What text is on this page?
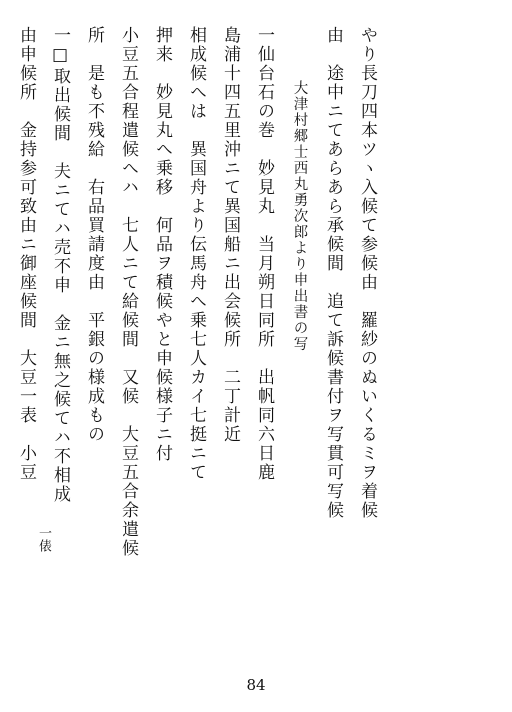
やり長刀四本ツヽ入候て参候由　羅紗のぬいくるミヲ着候
由　途中ニてあらあら承候間　追て訴候書付ヲ写貫可写候
大津村郷士西丸勇次郎より申出書の写
一仙台石の巻　妙見丸　当月朔日同所　出帆同六日鹿
島浦十四五里沖ニて異国船ニ出会候所　二丁計近
相成候へは　異国舟より伝馬舟へ乗七人カイ七挺ニて
押来　妙見丸へ乗移　何品ヲ積候やと申候様子ニ付
小豆五合程遣候へハ　七人ニて給候間　又候　大豆五合余遣候
所　是も不残給　右品買請度由　平銀の様成もの
一□取出候間　夫ニてハ売不申　金ニ無之候てハ不相成
由申候所　金持参可致由ニ御座候間　大豆一表　小豆
一俵
84
